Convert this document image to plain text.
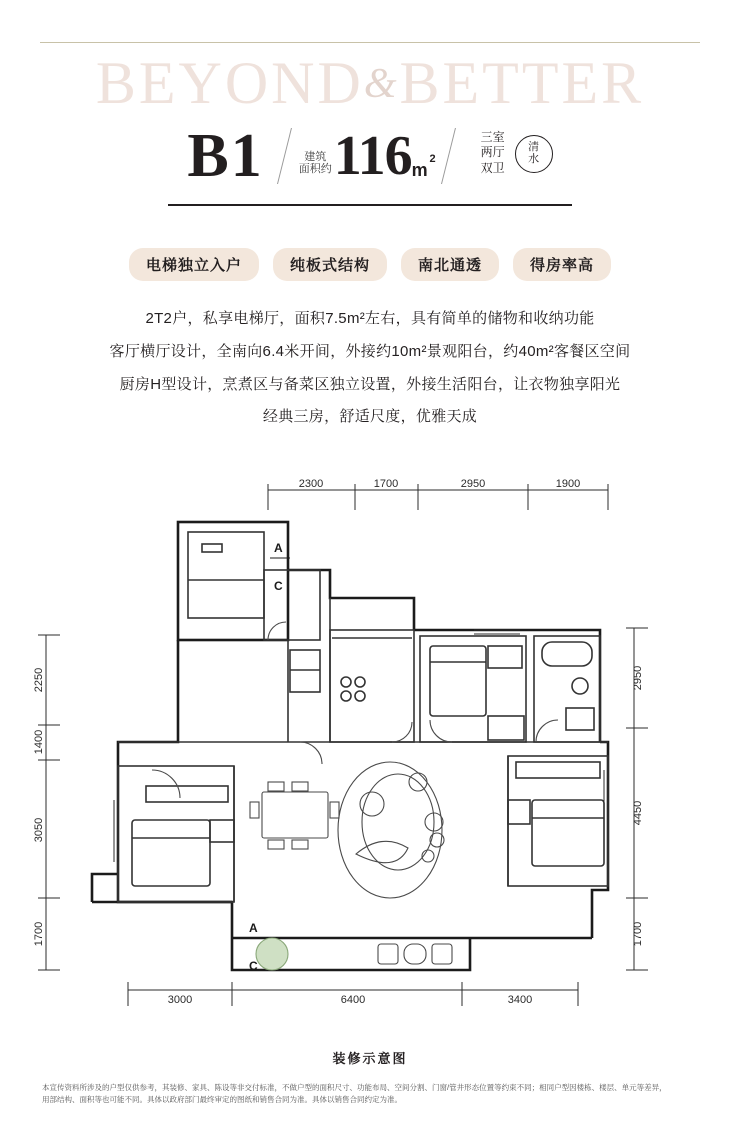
BEYOND&BETTER
B1	建筑
面积约 116 m
2
三室
两厅
双卫
清
水
电梯独立入户	纯板式结构	南北通透	得房率高

2T2户，私享电梯厅，面积7.5m²左右，具有简单的储物和收纳功能

客厅横厅设计，全南向6.4米开间，外接约10m²景观阳台，约40m²客餐区空间

厨房H型设计，烹煮区与备菜区独立设置，外接生活阳台，让衣物独享阳光

经典三房，舒适尺度，优雅天成

2300	1700	2950	1900
6400
3000	3400
2250
1400
3050
1700
2950
4450
1700
A
C
A
C
装修示意图

本宣传资料所涉及的户型仅供参考，其装修、家具、陈设等非交付标准，不做户型的面积尺寸、功能布局、空间分割、门窗/管井形态位置等约束不同；相同户型因楼栋、楼层、单元等差异，

用部结构、面积等也可能不同。具体以政府部门最终审定的图纸和销售合同为准。具体以销售合同约定为准。
